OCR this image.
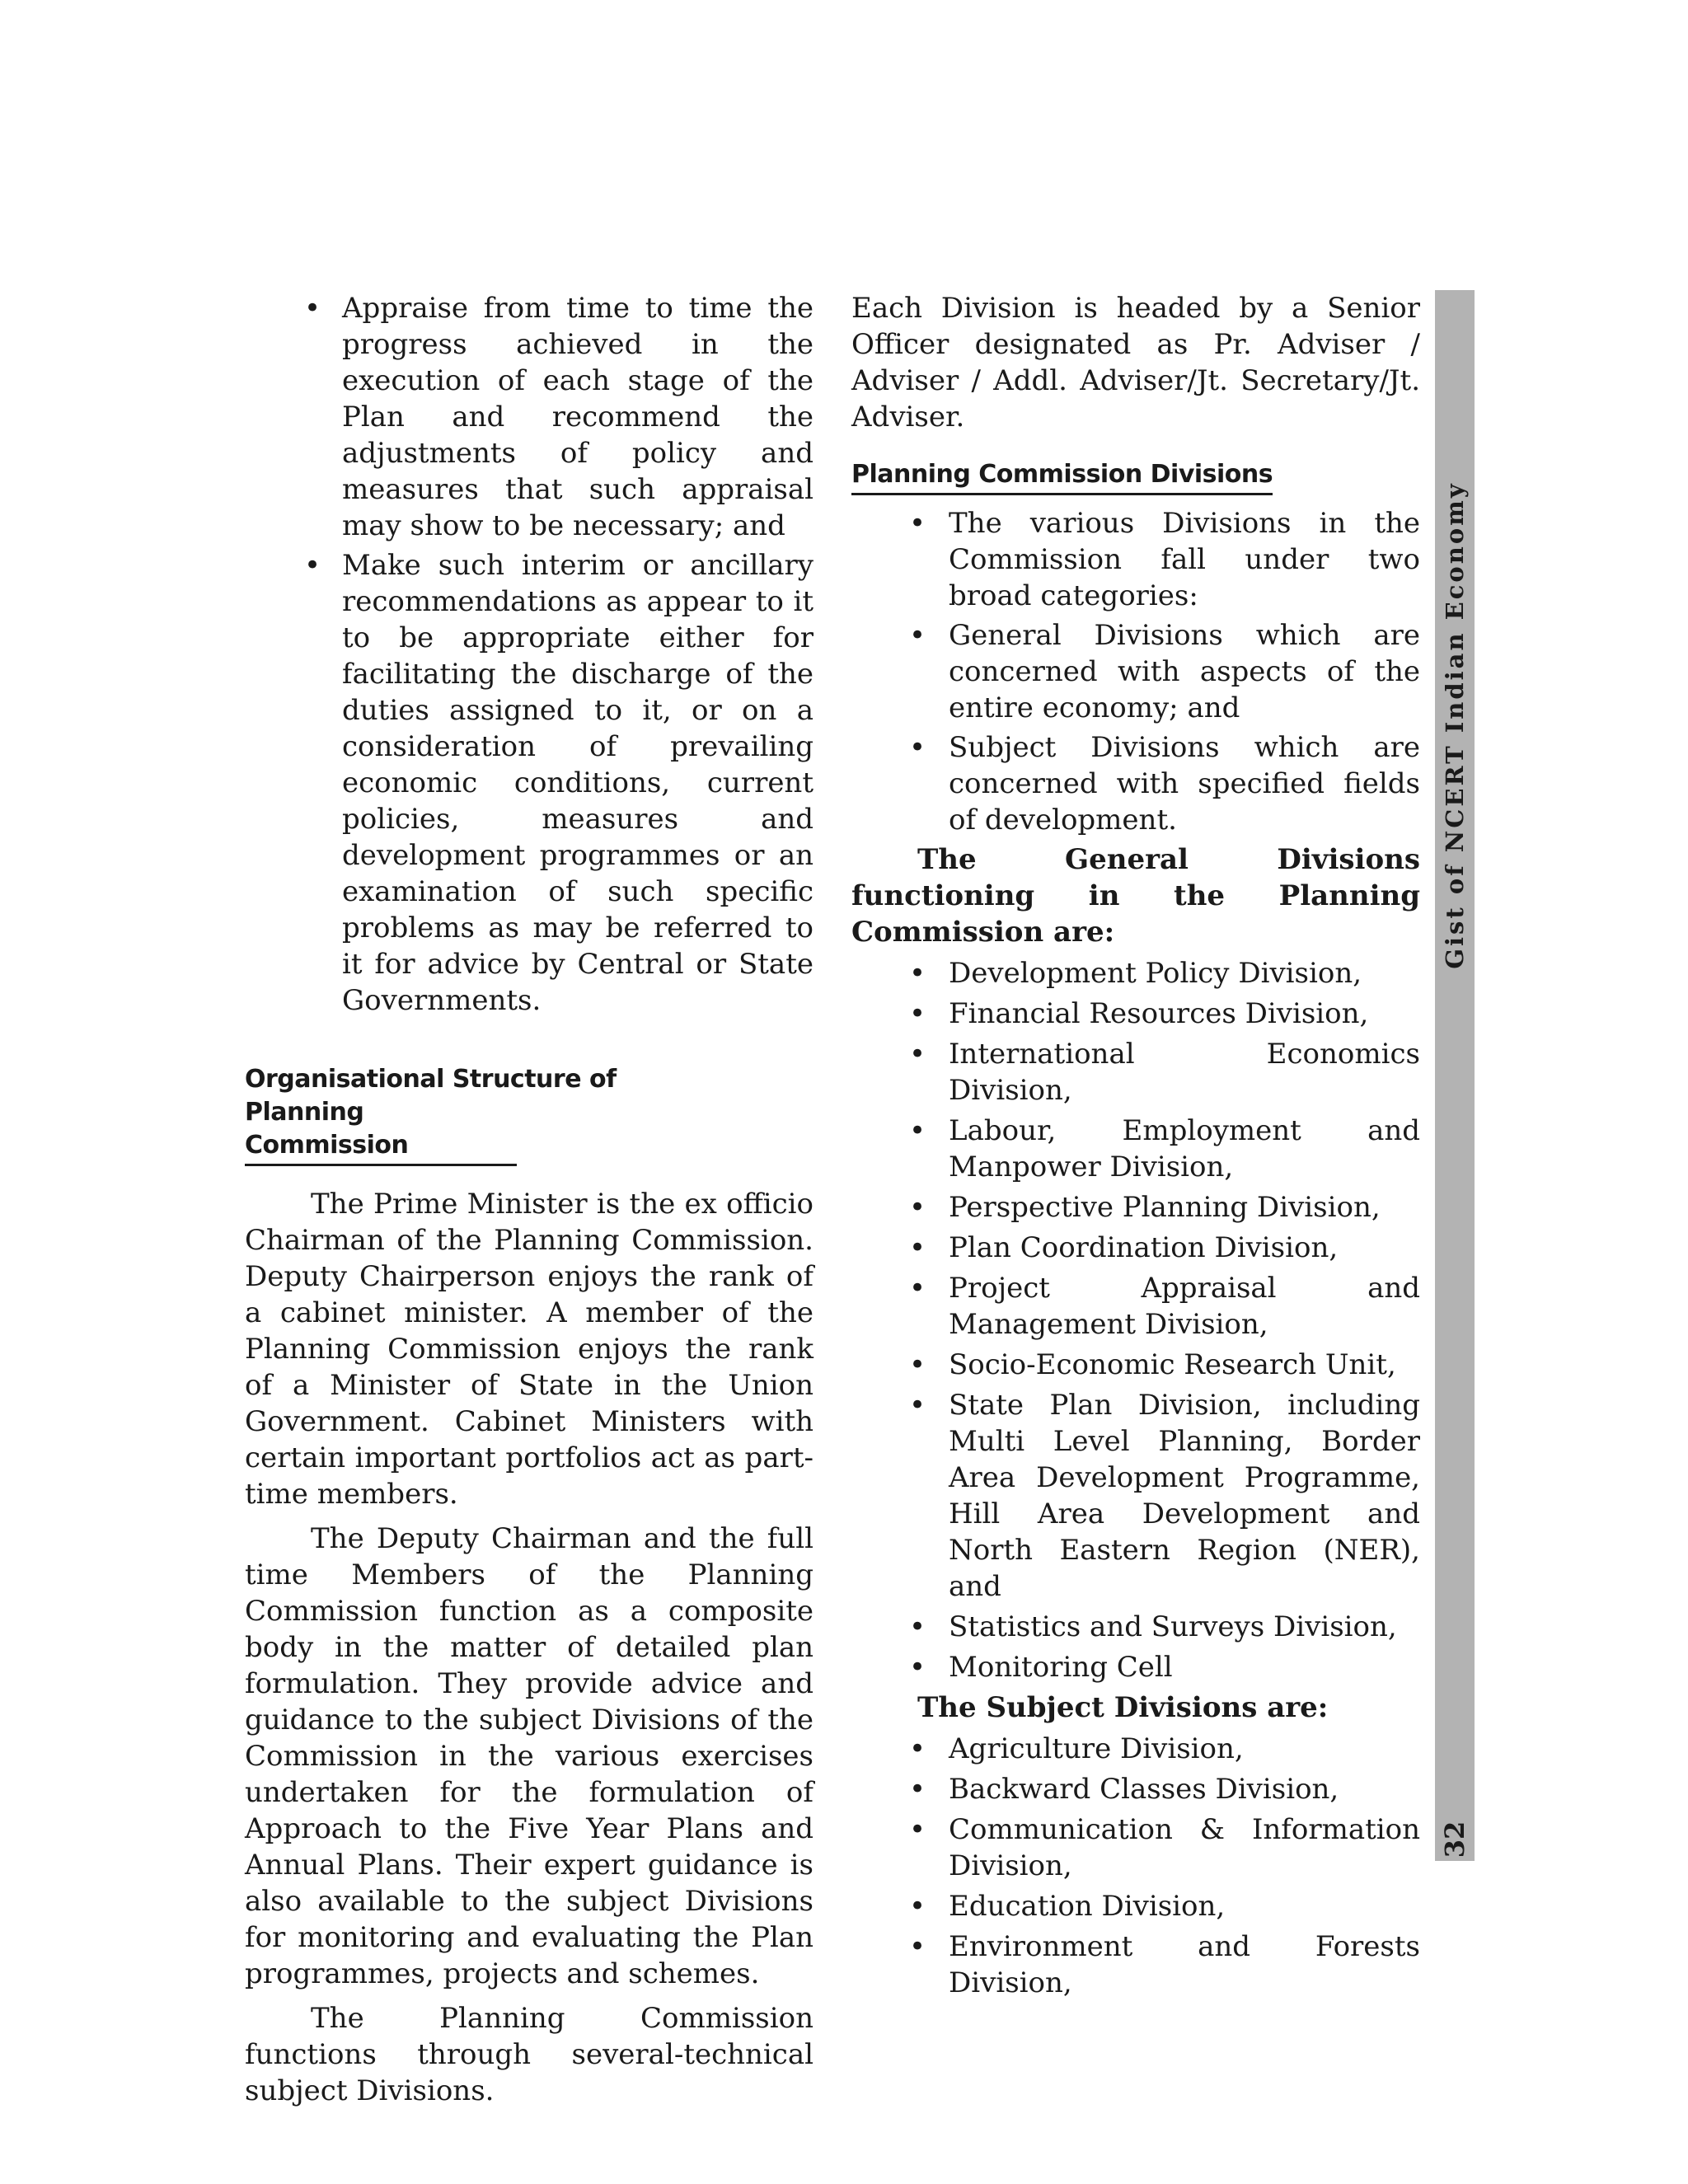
Gist of NCERT Indian Economy
32
• Appraise from time to time the progress achieved in the execution of each stage of the Plan and recommend the adjustments of policy and measures that such appraisal may show to be necessary; and
• Make such interim or ancillary recommendations as appear to it to be appropriate either for facilitating the discharge of the duties assigned to it, or on a consideration of prevailing economic conditions, current policies, measures and development programmes or an examination of such specific problems as may be referred to it for advice by Central or State Governments.
Organisational Structure of
Planning Commission

The Prime Minister is the ex officio Chairman of the Planning Commission. Deputy Chairperson enjoys the rank of a cabinet minister. A member of the Planning Commission enjoys the rank of a Minister of State in the Union Government. Cabinet Ministers with certain important portfolios act as part-time members.

The Deputy Chairman and the full time Members of the Planning Commission function as a composite body in the matter of detailed plan formulation. They provide advice and guidance to the subject Divisions of the Commission in the various exercises undertaken for the formulation of Approach to the Five Year Plans and Annual Plans. Their expert guidance is also available to the subject Divisions for monitoring and evaluating the Plan programmes, projects and schemes.

The Planning Commission functions through several-technical subject Divisions.

Each Division is headed by a Senior Officer designated as Pr. Adviser / Adviser / Addl. Adviser/Jt. Secretary/Jt. Adviser.

Planning Commission Divisions
• The various Divisions in the Commission fall under two broad categories:
• General Divisions which are concerned with aspects of the entire economy; and
• Subject Divisions which are concerned with specified fields of development.

The General Divisions functioning in the Planning Commission are:

• Development Policy Division,
• Financial Resources Division,
• International Economics Division,
• Labour, Employment and Manpower Division,
• Perspective Planning Division,
• Plan Coordination Division,
• Project Appraisal and Management Division,
• Socio-Economic Research Unit,
• State Plan Division, including Multi Level Planning, Border Area Development Programme, Hill Area Development and North Eastern Region (NER), and
• Statistics and Surveys Division,
• Monitoring Cell

The Subject Divisions are:

• Agriculture Division,
• Backward Classes Division,
• Communication & Information Division,
• Education Division,
• Environment and Forests Division,
